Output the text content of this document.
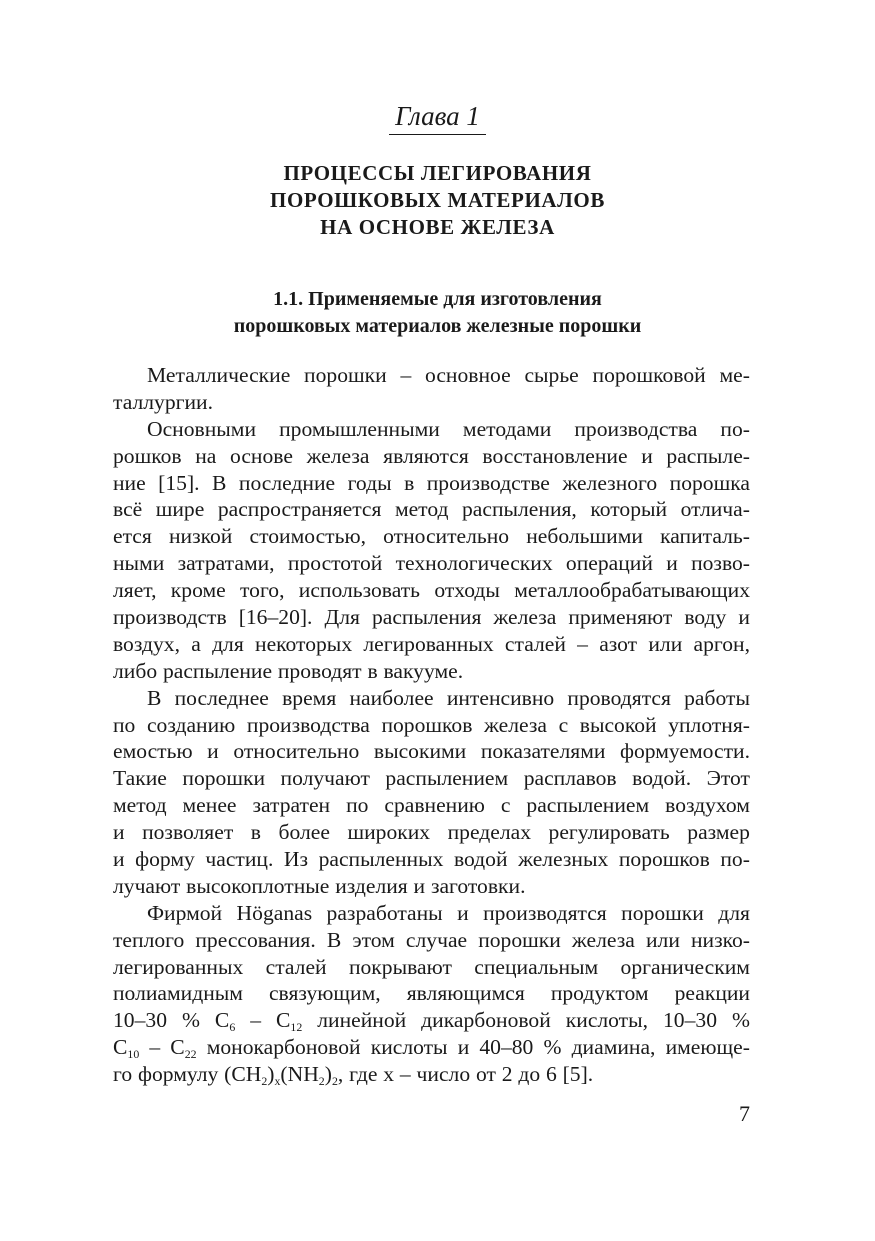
Глава 1
ПРОЦЕССЫ ЛЕГИРОВАНИЯ
ПОРОШКОВЫХ МАТЕРИАЛОВ
НА ОСНОВЕ ЖЕЛЕЗА
1.1. Применяемые для изготовления
порошковых материалов железные порошки
Металлические порошки – основное сырье порошковой ме-
таллургии.
Основными промышленными методами производства по-
рошков на основе железа являются восстановление и распыле-
ние [15]. В последние годы в производстве железного порошка
всё шире распространяется метод распыления, который отлича-
ется низкой стоимостью, относительно небольшими капиталь-
ными затратами, простотой технологических операций и позво-
ляет, кроме того, использовать отходы металлообрабатывающих
производств [16–20]. Для распыления железа применяют воду и
воздух, а для некоторых легированных сталей – азот или аргон,
либо распыление проводят в вакууме.
В последнее время наиболее интенсивно проводятся работы
по созданию производства порошков железа с высокой уплотня-
емостью и относительно высокими показателями формуемости.
Такие порошки получают распылением расплавов водой. Этот
метод менее затратен по сравнению с распылением воздухом
и позволяет в более широких пределах регулировать размер
и форму частиц. Из распыленных водой железных порошков по-
лучают высокоплотные изделия и заготовки.
Фирмой Höganas разработаны и производятся порошки для
теплого прессования. В этом случае порошки железа или низко-
легированных сталей покрывают специальным органическим
полиамидным связующим, являющимся продуктом реакции
10–30 % $C_6 - C_{12}$ линейной дикарбоновой кислоты, 10–30 %
$C_{10} - C_{22}$ монокарбоновой кислоты и 40–80 % диамина, имеюще-
го формулу $(CH_2)_x(NH_2)_2$, где x – число от 2 до 6 [5].
7
